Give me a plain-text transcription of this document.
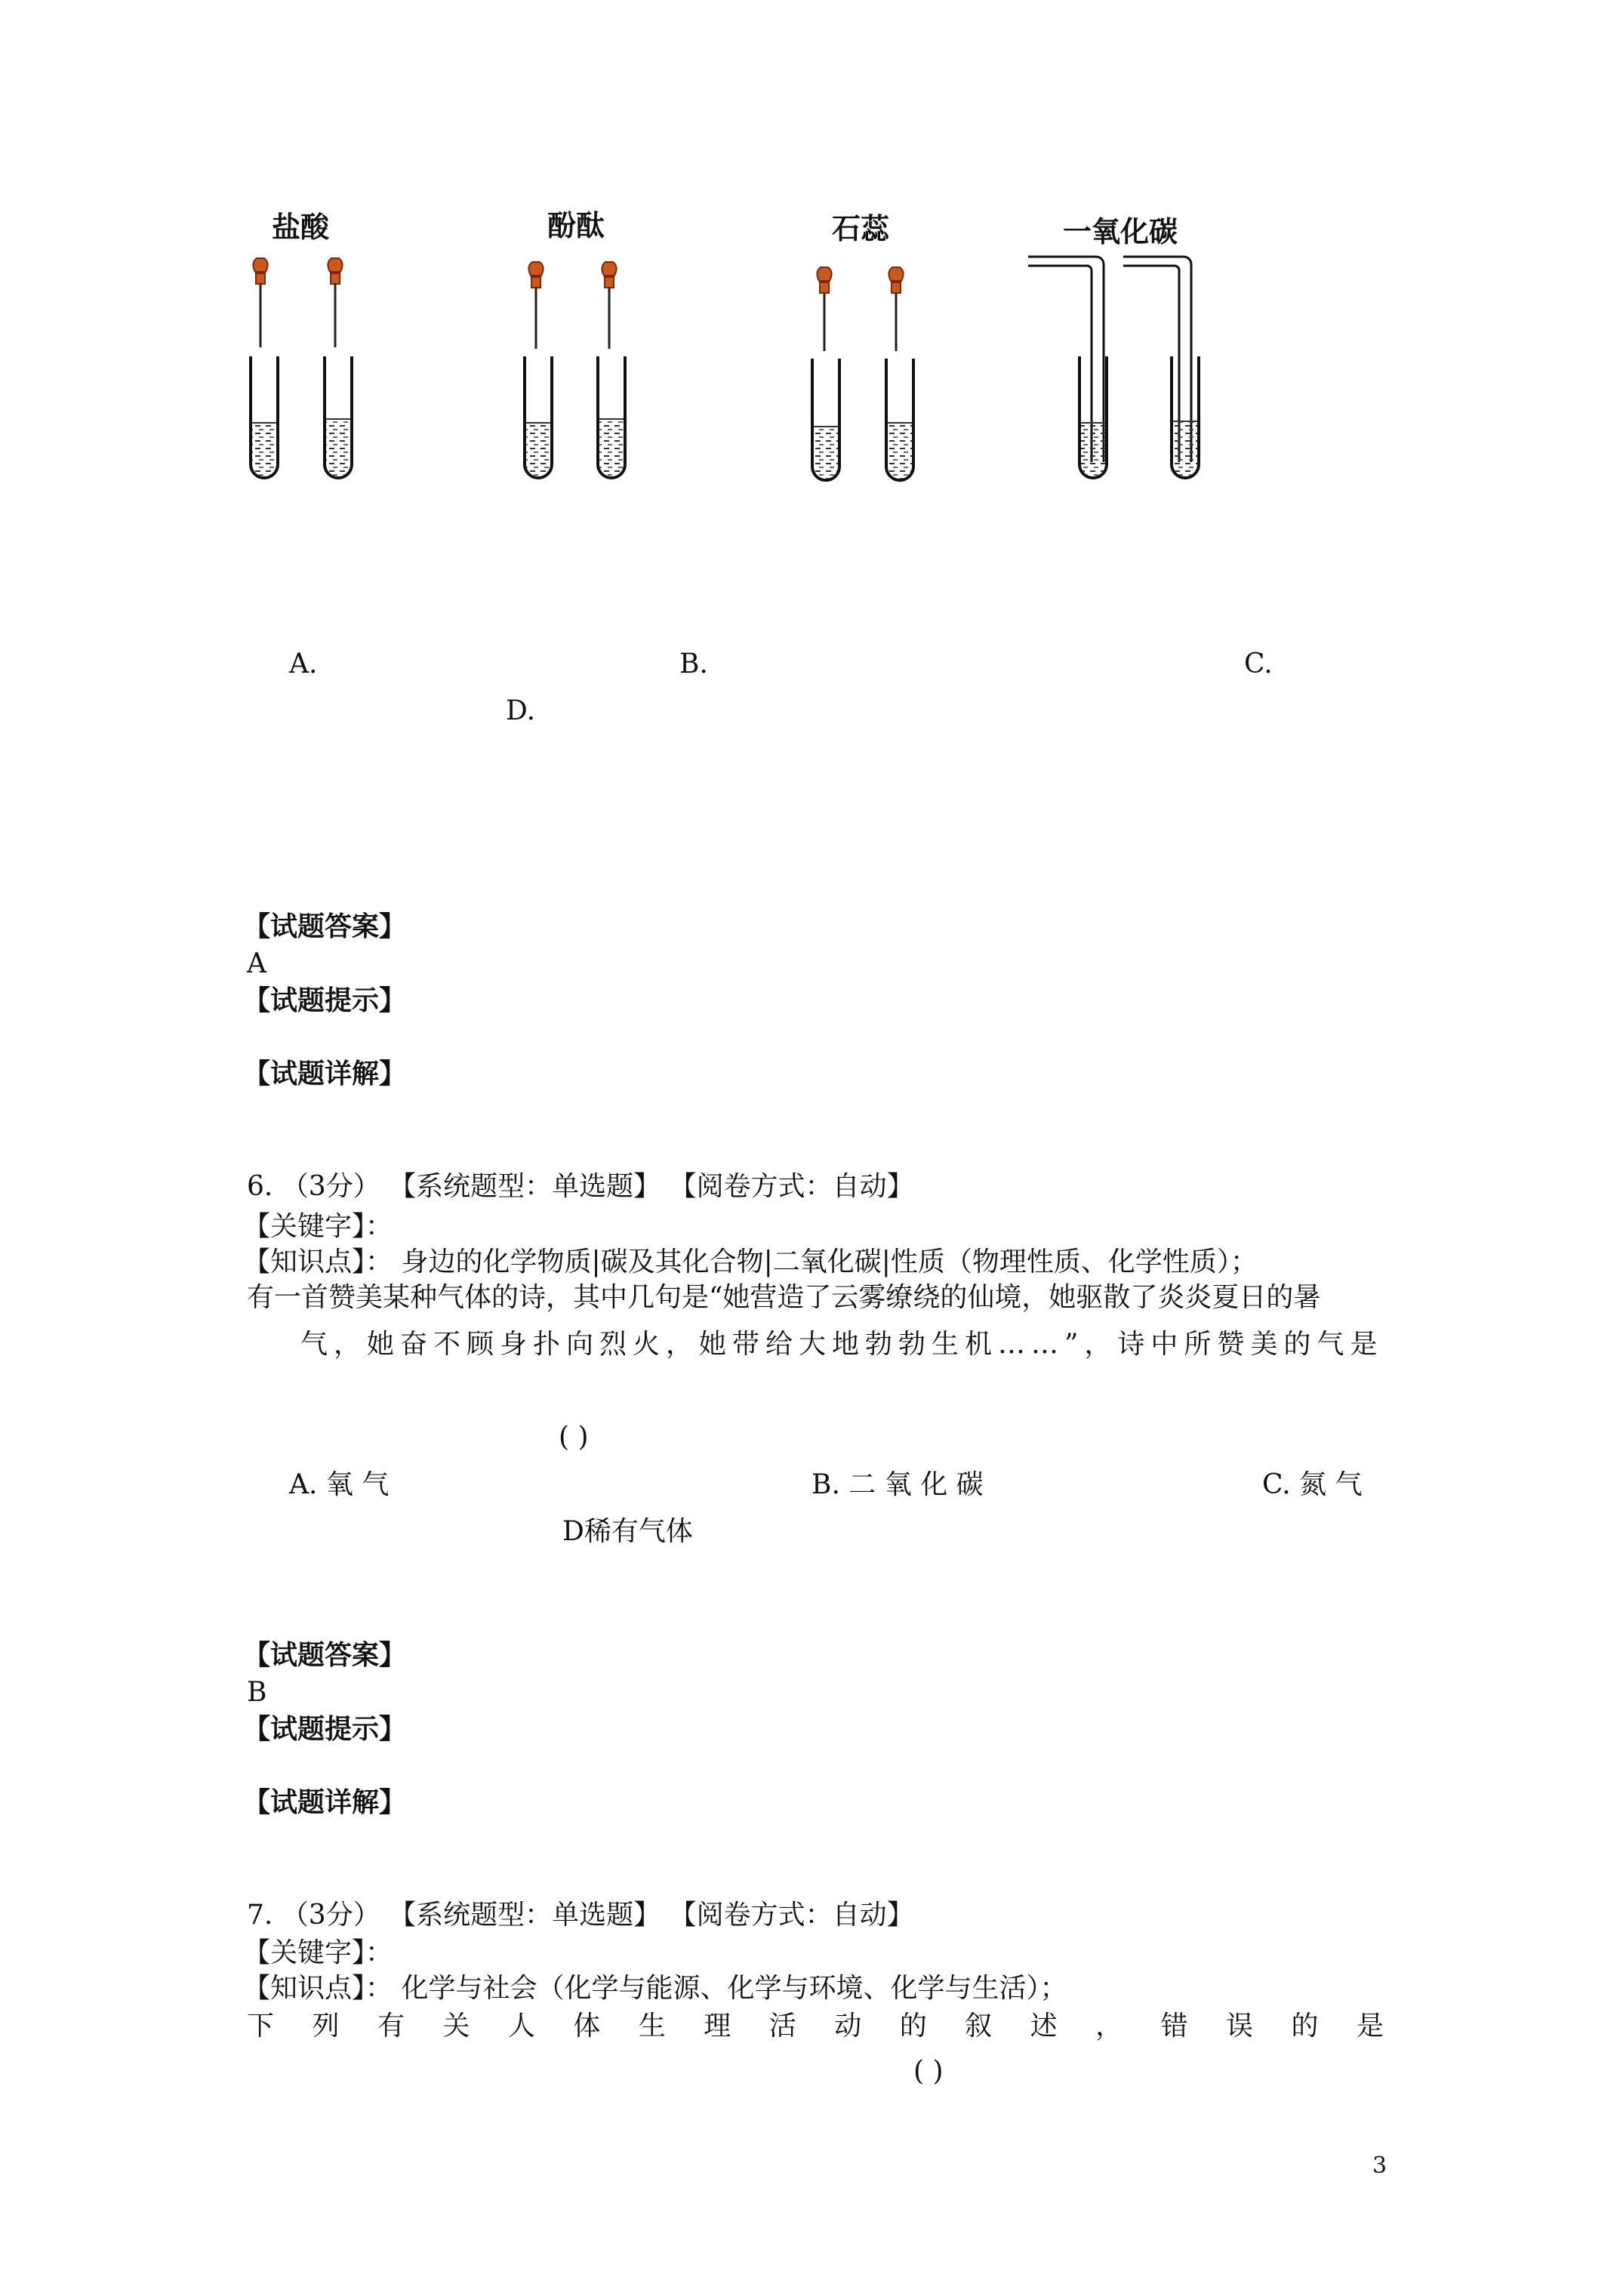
盐酸	酚酞	石蕊	一氧化碳
A.	B.	C.
D.
【试题答案】
A
【试题提示】
【试题详解】
6. （3分） 【系统题型：单选题】 【阅卷方式：自动】
【关键字】：
【知识点】： 身边的化学物质|碳及其化合物|二氧化碳|性质（物理性质、化学性质）；
有一首赞美某种气体的诗，其中几句是“她营造了云雾缭绕的仙境，她驱散了炎炎夏日的暑
气，她奋不顾身扑向烈火，她带给大地勃勃生机……”，诗中所赞美的气是
( )
A. 氧 气	B. 二 氧 化 碳	C. 氮 气
D稀有气体
【试题答案】
B
【试题提示】
【试题详解】
7. （3分） 【系统题型：单选题】 【阅卷方式：自动】
【关键字】：
【知识点】： 化学与社会（化学与能源、化学与环境、化学与生活）；
下 列 有 关 人 体 生 理 活 动 的 叙 述 ， 错 误 的 是
( )
3
